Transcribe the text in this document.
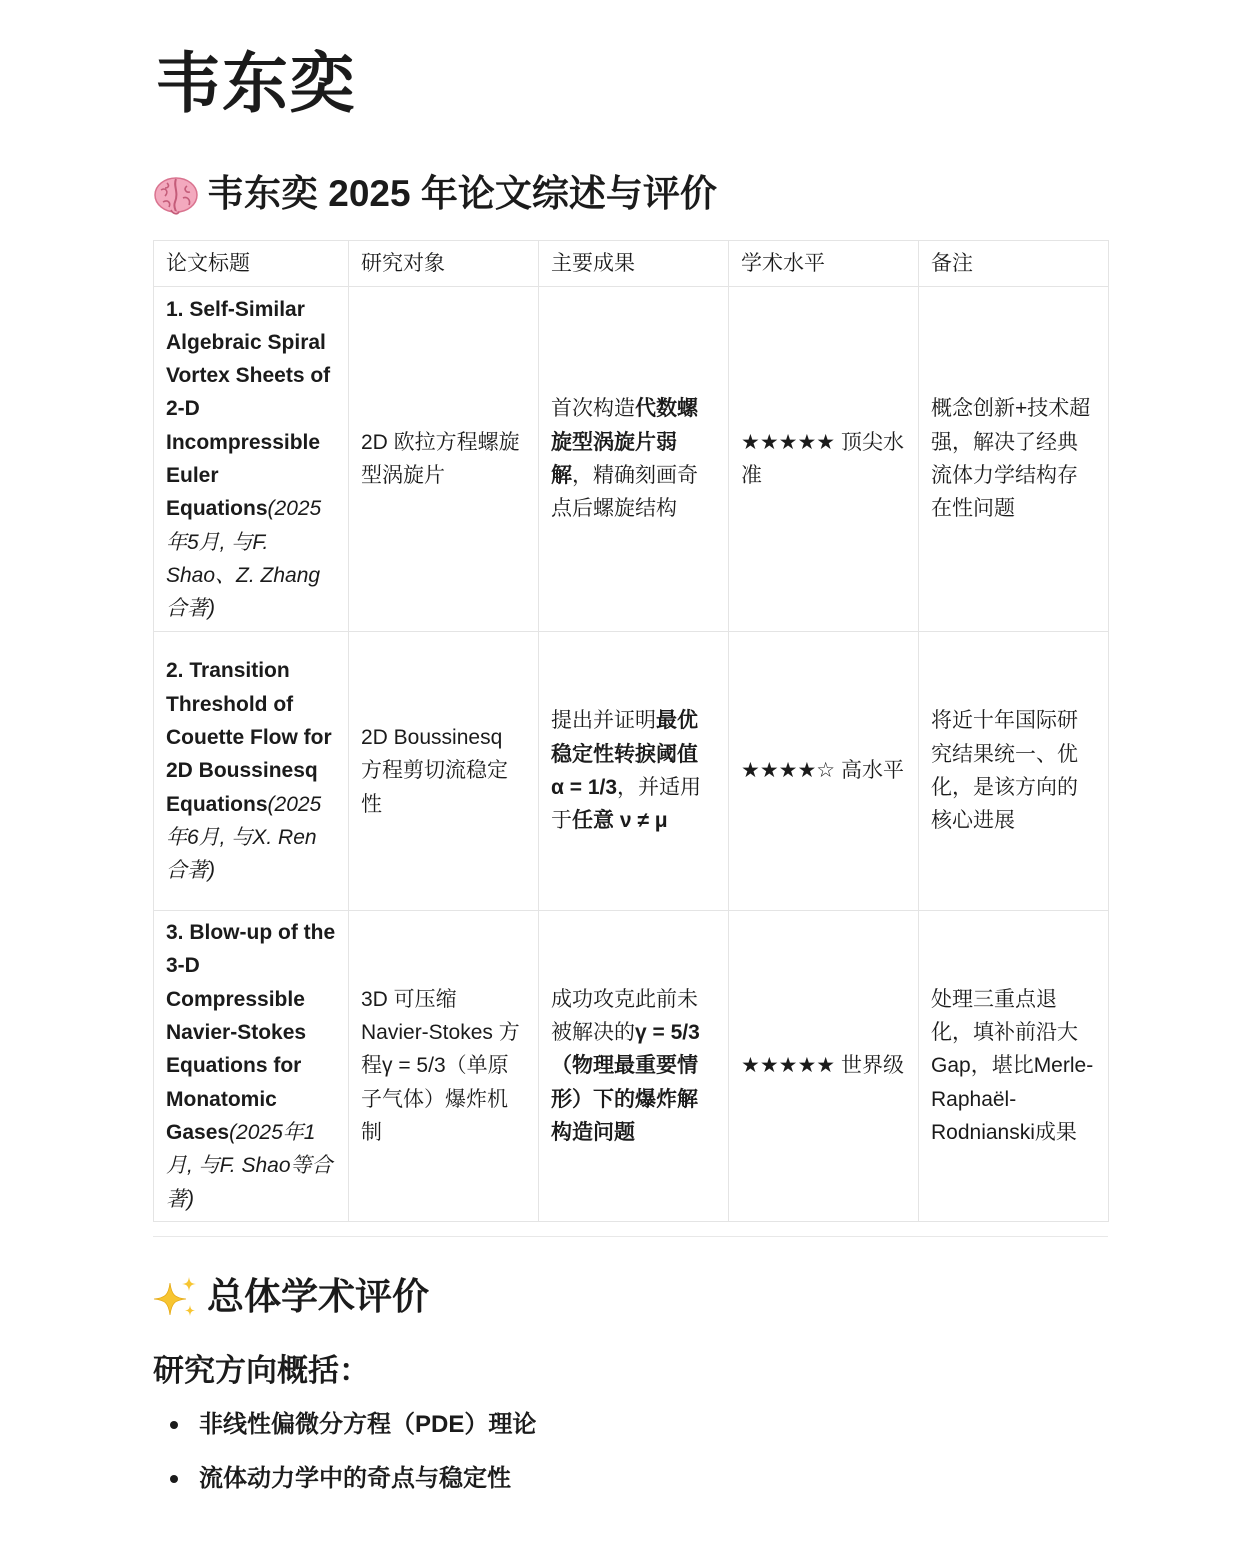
韦东奕
韦东奕 2025 年论文综述与评价
论文标题	研究对象	主要成果	学术水平	备注
1. Self-Similar Algebraic Spiral Vortex Sheets of 2-D Incompressible Euler Equations(2025年5月, 与F. Shao、Z. Zhang合著)	2D 欧拉方程螺旋型涡旋片	首次构造代数螺旋型涡旋片弱解，精确刻画奇点后螺旋结构	★★★★★ 顶尖水准	概念创新+技术超强，解决了经典流体力学结构存在性问题
2. Transition Threshold of Couette Flow for 2D Boussinesq Equations(2025年6月, 与X. Ren合著)	2D Boussinesq 方程剪切流稳定性	提出并证明最优稳定性转捩阈值 α = 1/3，并适用于任意 ν ≠ μ	★★★★☆ 高水平	将近十年国际研究结果统一、优化，是该方向的核心进展
3. Blow-up of the 3-D Compressible Navier-Stokes Equations for Monatomic Gases(2025年1月, 与F. Shao等合著)	3D 可压缩 Navier-Stokes 方程γ = 5/3（单原子气体）爆炸机制	成功攻克此前未被解决的γ = 5/3（物理最重要情形）下的爆炸解构造问题	★★★★★ 世界级	处理三重点退化，填补前沿大Gap，堪比Merle-Raphaël-Rodnianski成果
总体学术评价
研究方向概括：
非线性偏微分方程（PDE）理论
流体动力学中的奇点与稳定性
